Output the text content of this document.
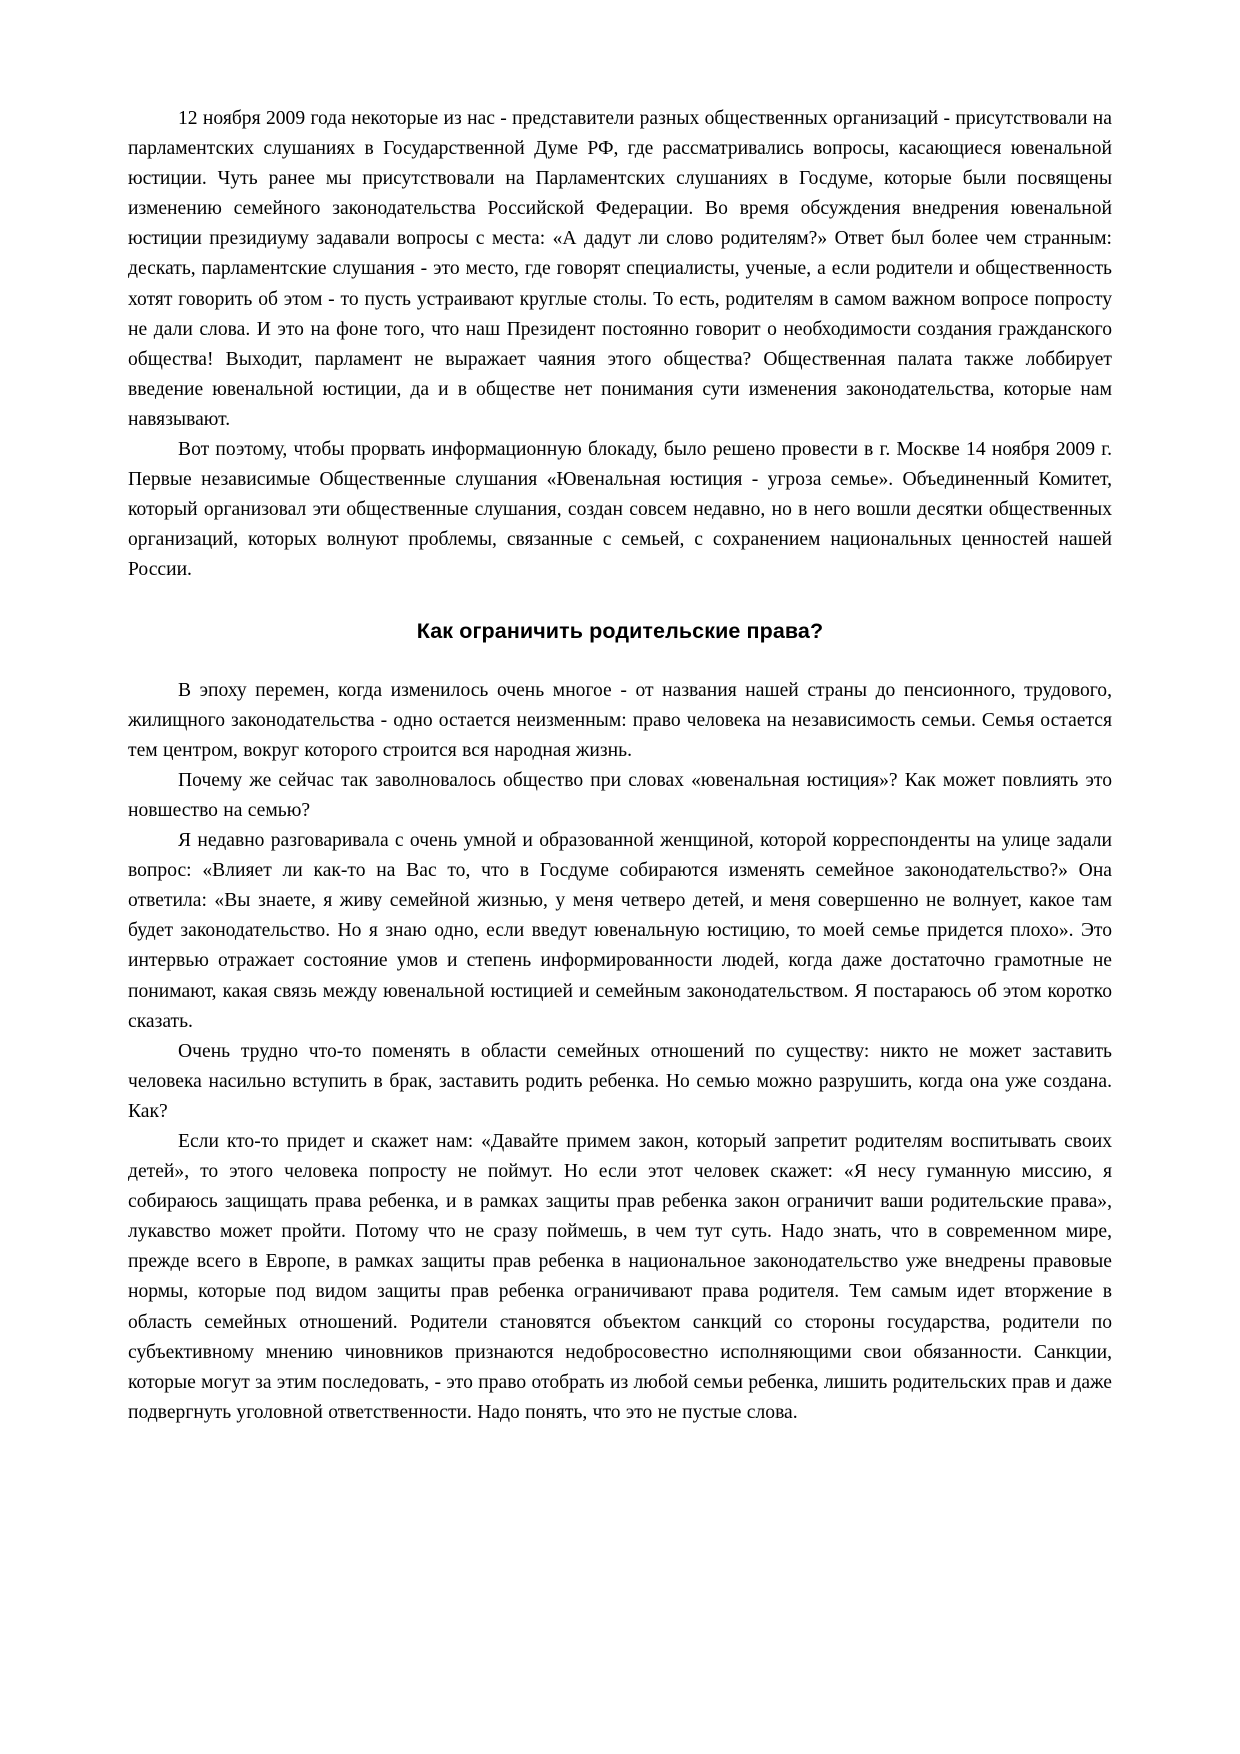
12 ноября 2009 года некоторые из нас - представители разных общественных организаций - присутствовали на парламентских слушаниях в Государственной Думе РФ, где рассматривались вопросы, касающиеся ювенальной юстиции. Чуть ранее мы присутствовали на Парламентских слушаниях в Госдуме, которые были посвящены изменению семейного законодательства Российской Федерации. Во время обсуждения внедрения ювенальной юстиции президиуму задавали вопросы с места: «А дадут ли слово родителям?» Ответ был более чем странным: дескать, парламентские слушания - это место, где говорят специалисты, ученые, а если родители и общественность хотят говорить об этом - то пусть устраивают круглые столы. То есть, родителям в самом важном вопросе попросту не дали слова. И это на фоне того, что наш Президент постоянно говорит о необходимости создания гражданского общества! Выходит, парламент не выражает чаяния этого общества? Общественная палата также лоббирует введение ювенальной юстиции, да и в обществе нет понимания сути изменения законодательства, которые нам навязывают.

Вот поэтому, чтобы прорвать информационную блокаду, было решено провести в г. Москве 14 ноября 2009 г. Первые независимые Общественные слушания «Ювенальная юстиция - угроза семье». Объединенный Комитет, который организовал эти общественные слушания, создан совсем недавно, но в него вошли десятки общественных организаций, которых волнуют проблемы, связанные с семьей, с сохранением национальных ценностей нашей России.

Как ограничить родительские права?

В эпоху перемен, когда изменилось очень многое - от названия нашей страны до пенсионного, трудового, жилищного законодательства - одно остается неизменным: право человека на независимость семьи. Семья остается тем центром, вокруг которого строится вся народная жизнь.

Почему же сейчас так заволновалось общество при словах «ювенальная юстиция»? Как может повлиять это новшество на семью?

Я недавно разговаривала с очень умной и образованной женщиной, которой корреспонденты на улице задали вопрос: «Влияет ли как-то на Вас то, что в Госдуме собираются изменять семейное законодательство?» Она ответила: «Вы знаете, я живу семейной жизнью, у меня четверо детей, и меня совершенно не волнует, какое там будет законодательство. Но я знаю одно, если введут ювенальную юстицию, то моей семье придется плохо». Это интервью отражает состояние умов и степень информированности людей, когда даже достаточно грамотные не понимают, какая связь между ювенальной юстицией и семейным законодательством. Я постараюсь об этом коротко сказать.

Очень трудно что-то поменять в области семейных отношений по существу: никто не может заставить человека насильно вступить в брак, заставить родить ребенка. Но семью можно разрушить, когда она уже создана. Как?

Если кто-то придет и скажет нам: «Давайте примем закон, который запретит родителям воспитывать своих детей», то этого человека попросту не поймут. Но если этот человек скажет: «Я несу гуманную миссию, я собираюсь защищать права ребенка, и в рамках защиты прав ребенка закон ограничит ваши родительские права», лукавство может пройти. Потому что не сразу поймешь, в чем тут суть. Надо знать, что в современном мире, прежде всего в Европе, в рамках защиты прав ребенка в национальное законодательство уже внедрены правовые нормы, которые под видом защиты прав ребенка ограничивают права родителя. Тем самым идет вторжение в область семейных отношений. Родители становятся объектом санкций со стороны государства, родители по субъективному мнению чиновников признаются недобросовестно исполняющими свои обязанности. Санкции, которые могут за этим последовать, - это право отобрать из любой семьи ребенка, лишить родительских прав и даже подвергнуть уголовной ответственности. Надо понять, что это не пустые слова.
